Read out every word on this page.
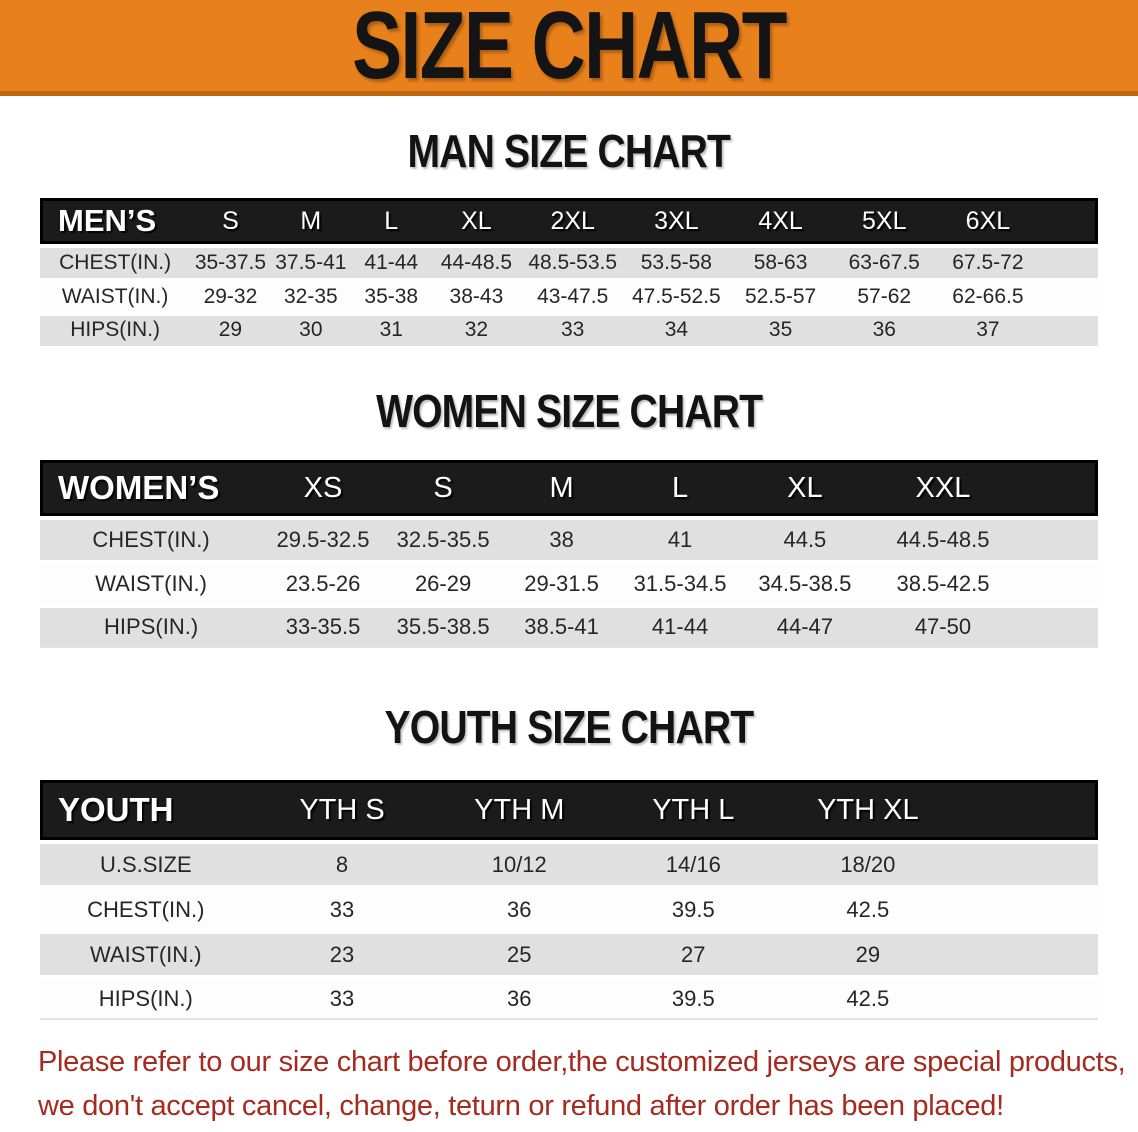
SIZE CHART
MAN SIZE CHART
MEN’S	S	M	L	XL	2XL	3XL	4XL	5XL	6XL	
CHEST(IN.)	35-37.5	37.5-41	41-44	44-48.5	48.5-53.5	53.5-58	58-63	63-67.5	67.5-72	
WAIST(IN.)	29-32	32-35	35-38	38-43	43-47.5	47.5-52.5	52.5-57	57-62	62-66.5	
HIPS(IN.)	29	30	31	32	33	34	35	36	37	
WOMEN SIZE CHART
WOMEN’S	XS	S	M	L	XL	XXL	
CHEST(IN.)	29.5-32.5	32.5-35.5	38	41	44.5	44.5-48.5	
WAIST(IN.)	23.5-26	26-29	29-31.5	31.5-34.5	34.5-38.5	38.5-42.5	
HIPS(IN.)	33-35.5	35.5-38.5	38.5-41	41-44	44-47	47-50	
YOUTH SIZE CHART
YOUTH	YTH S	YTH M	YTH L	YTH XL	
U.S.SIZE	8	10/12	14/16	18/20	
CHEST(IN.)	33	36	39.5	42.5	
WAIST(IN.)	23	25	27	29	
HIPS(IN.)	33	36	39.5	42.5	

Please refer to our size chart before order,the customized jerseys are special products,
we don't accept cancel, change, teturn or refund after order has been placed!
